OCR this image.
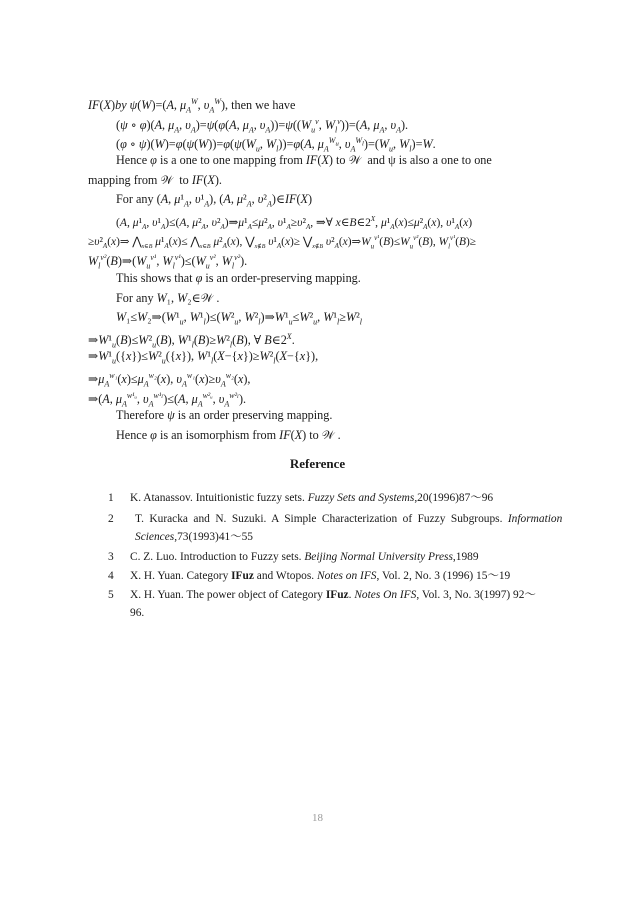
IF(X)by ψ(W)=(A, $\mu_A^W$, $\upsilon_A^W$), then we have
(ψ ∘ φ)(A, $\mu_A$, $\upsilon_A)=\psi(\varphi(A$, $\mu_A$, $\upsilon_A))=\psi((W_u^v$, $W_l^v))=(A$, $\mu_A$, $\upsilon_A$).
(φ ∘ $\psi)(W)=\varphi(\psi(W))=\varphi(\psi(W_u$, $W_l))=\varphi(A$, $\mu_A^{W_u}$, $\upsilon_A^{W_l})=(W_u$, $W_l)=W$.
Hence φ is a one to one mapping from IF(X) to 𝒲  and ψ is also a one to one
mapping from 𝒲  to IF(X).
For any (A, $\mu^1_A$, $\upsilon^1_A$), (A, $\mu^2_A$, $\upsilon^2_A)\in IF(X)$
(A, $\mu^1_A$, $\upsilon^1_A)\le(A$, $\mu^2_A$, $\upsilon^2_A)\Rightarrow\mu^1_A\le\mu^2_A$, $\upsilon^1_A\ge\upsilon^2_A$, ⇒∀ $x\in B\in 2^X$, $\mu^1_A(x)\le\mu^2_A(x)$, $\upsilon^1_A(x)$
$\ge\upsilon^2_A(x)\Rightarrow$ $⋀_{x\in B}$ $\mu^1_A(x)\le$ $⋀_{x\in B}$ $\mu^2_A(x)$, $⋁_{x\notin B}$ $\upsilon^1_A(x)\ge$ $⋁_{x\notin B}$ $\upsilon^2_A(x)\Rightarrow W_u^{v^1}(B)\le W_u^{v^2}(B)$, $W_l^{v^1}(B)\ge$
$W_l^{v^2}(B)\Rightarrow(W_u^{v^1}$, $W_l^{v^1})\le(W_u^{v^2}$, $W_l^{v^2}$).
This shows that φ is an order-preserving mapping.
For any W₁, W₂∈𝒲 .
$W_1\le W_2\Rightarrow(W^1_u$, $W^1_l)\le(W^2_u$, $W^2_l)\Rightarrow W^1_u\le W^2_u$, $W^1_l\ge W^2_l$
$\Rightarrow W^1_u(B)\le W^2_u(B)$, $W^1_l(B)\ge W^2_l(B)$, ∀ $B\in 2^X$.
$\Rightarrow W^1_u(\{x\})\le W^2_u(\{x\})$, $W^1_l(X-\{x\})\ge W^2_l(X-\{x\})$,
$\Rightarrow\mu_A^{w_1}(x)\le\mu_A^{w_2}(x)$, $\upsilon_A^{w_1}(x)\ge\upsilon_A^{w_2}(x)$,
⇒(A, $\mu_A^{w^1ᵤ}$, $\upsilon_A^{w^1_l})\le(A$, $\mu_A^{w^2ᵤ}$, $\upsilon_A^{w^2_l}$).
Therefore ψ is an order preserving mapping.
Hence φ is an isomorphism from IF(X) to 𝒲 .
Reference
1 K. Atanassov. Intuitionistic fuzzy sets. Fuzzy Sets and Systems,20(1996)87～96
2 T. Kuracka and N. Suzuki. A Simple Characterization of Fuzzy Subgroups. Information
Sciences,73(1993)41～55
3 C. Z. Luo. Introduction to Fuzzy sets. Beijing Normal University Press,1989
4 X. H. Yuan. Category IFuz and Wtopos. Notes on IFS, Vol. 2, No. 3 (1996) 15～19
5 X. H. Yuan. The power object of Category IFuz. Notes On IFS, Vol. 3, No. 3(1997) 92～
96.
18
